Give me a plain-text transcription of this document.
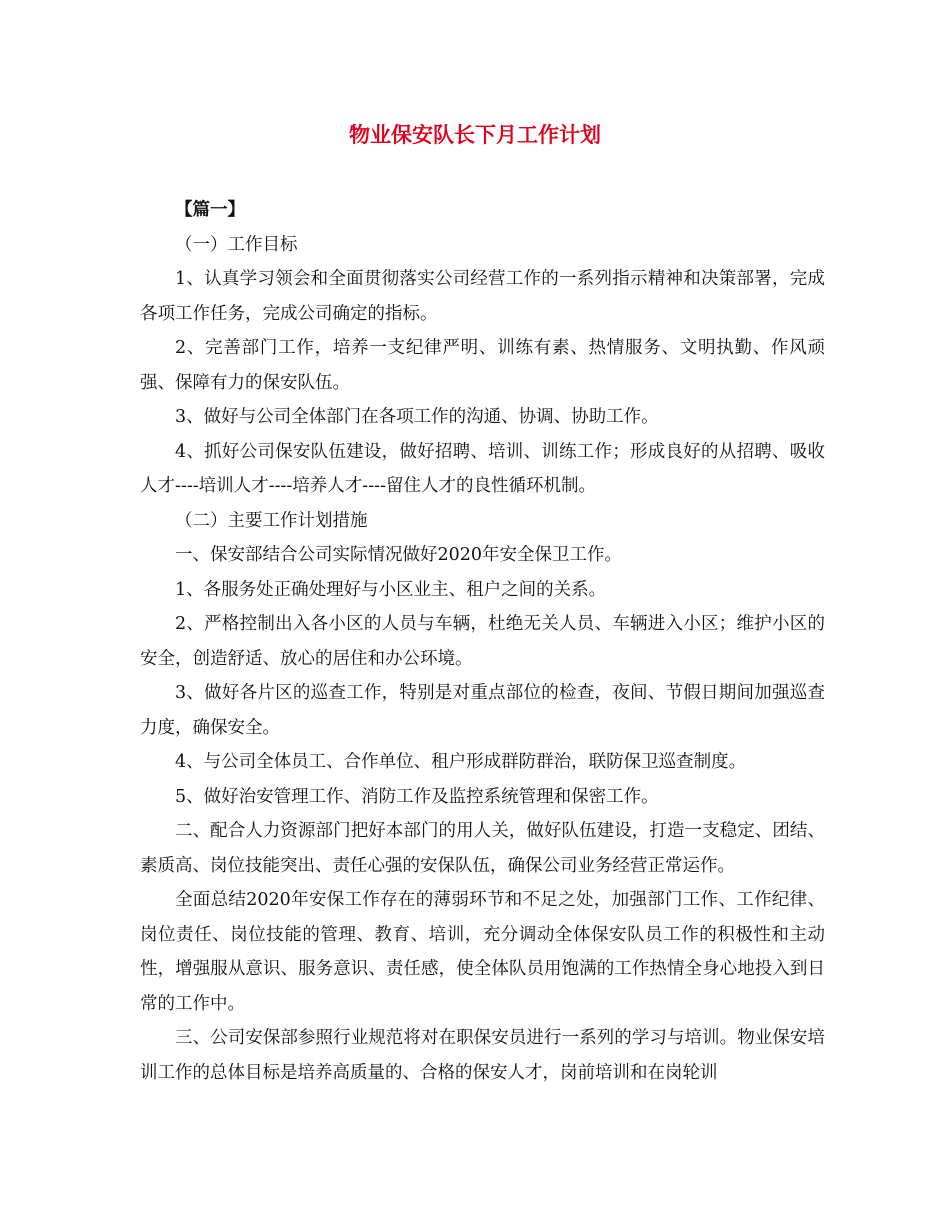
物业保安队长下月工作计划

【篇一】

（一）工作目标

1、认真学习领会和全面贯彻落实公司经营工作的一系列指示精神和决策部署，完成各项工作任务，完成公司确定的指标。

2、完善部门工作，培养一支纪律严明、训练有素、热情服务、文明执勤、作风顽强、保障有力的保安队伍。

3、做好与公司全体部门在各项工作的沟通、协调、协助工作。

4、抓好公司保安队伍建设，做好招聘、培训、训练工作；形成良好的从招聘、吸收人才----培训人才----培养人才----留住人才的良性循环机制。

（二）主要工作计划措施

一、保安部结合公司实际情况做好2020年安全保卫工作。

1、各服务处正确处理好与小区业主、租户之间的关系。

2、严格控制出入各小区的人员与车辆，杜绝无关人员、车辆进入小区；维护小区的安全，创造舒适、放心的居住和办公环境。

3、做好各片区的巡查工作，特别是对重点部位的检查，夜间、节假日期间加强巡查力度，确保安全。

4、与公司全体员工、合作单位、租户形成群防群治，联防保卫巡查制度。

5、做好治安管理工作、消防工作及监控系统管理和保密工作。

二、配合人力资源部门把好本部门的用人关，做好队伍建设，打造一支稳定、团结、素质高、岗位技能突出、责任心强的安保队伍，确保公司业务经营正常运作。

全面总结2020年安保工作存在的薄弱环节和不足之处，加强部门工作、工作纪律、岗位责任、岗位技能的管理、教育、培训，充分调动全体保安队员工作的积极性和主动性，增强服从意识、服务意识、责任感，使全体队员用饱满的工作热情全身心地投入到日常的工作中。

三、公司安保部参照行业规范将对在职保安员进行一系列的学习与培训。物业保安培训工作的总体目标是培养高质量的、合格的保安人才，岗前培训和在岗轮训
